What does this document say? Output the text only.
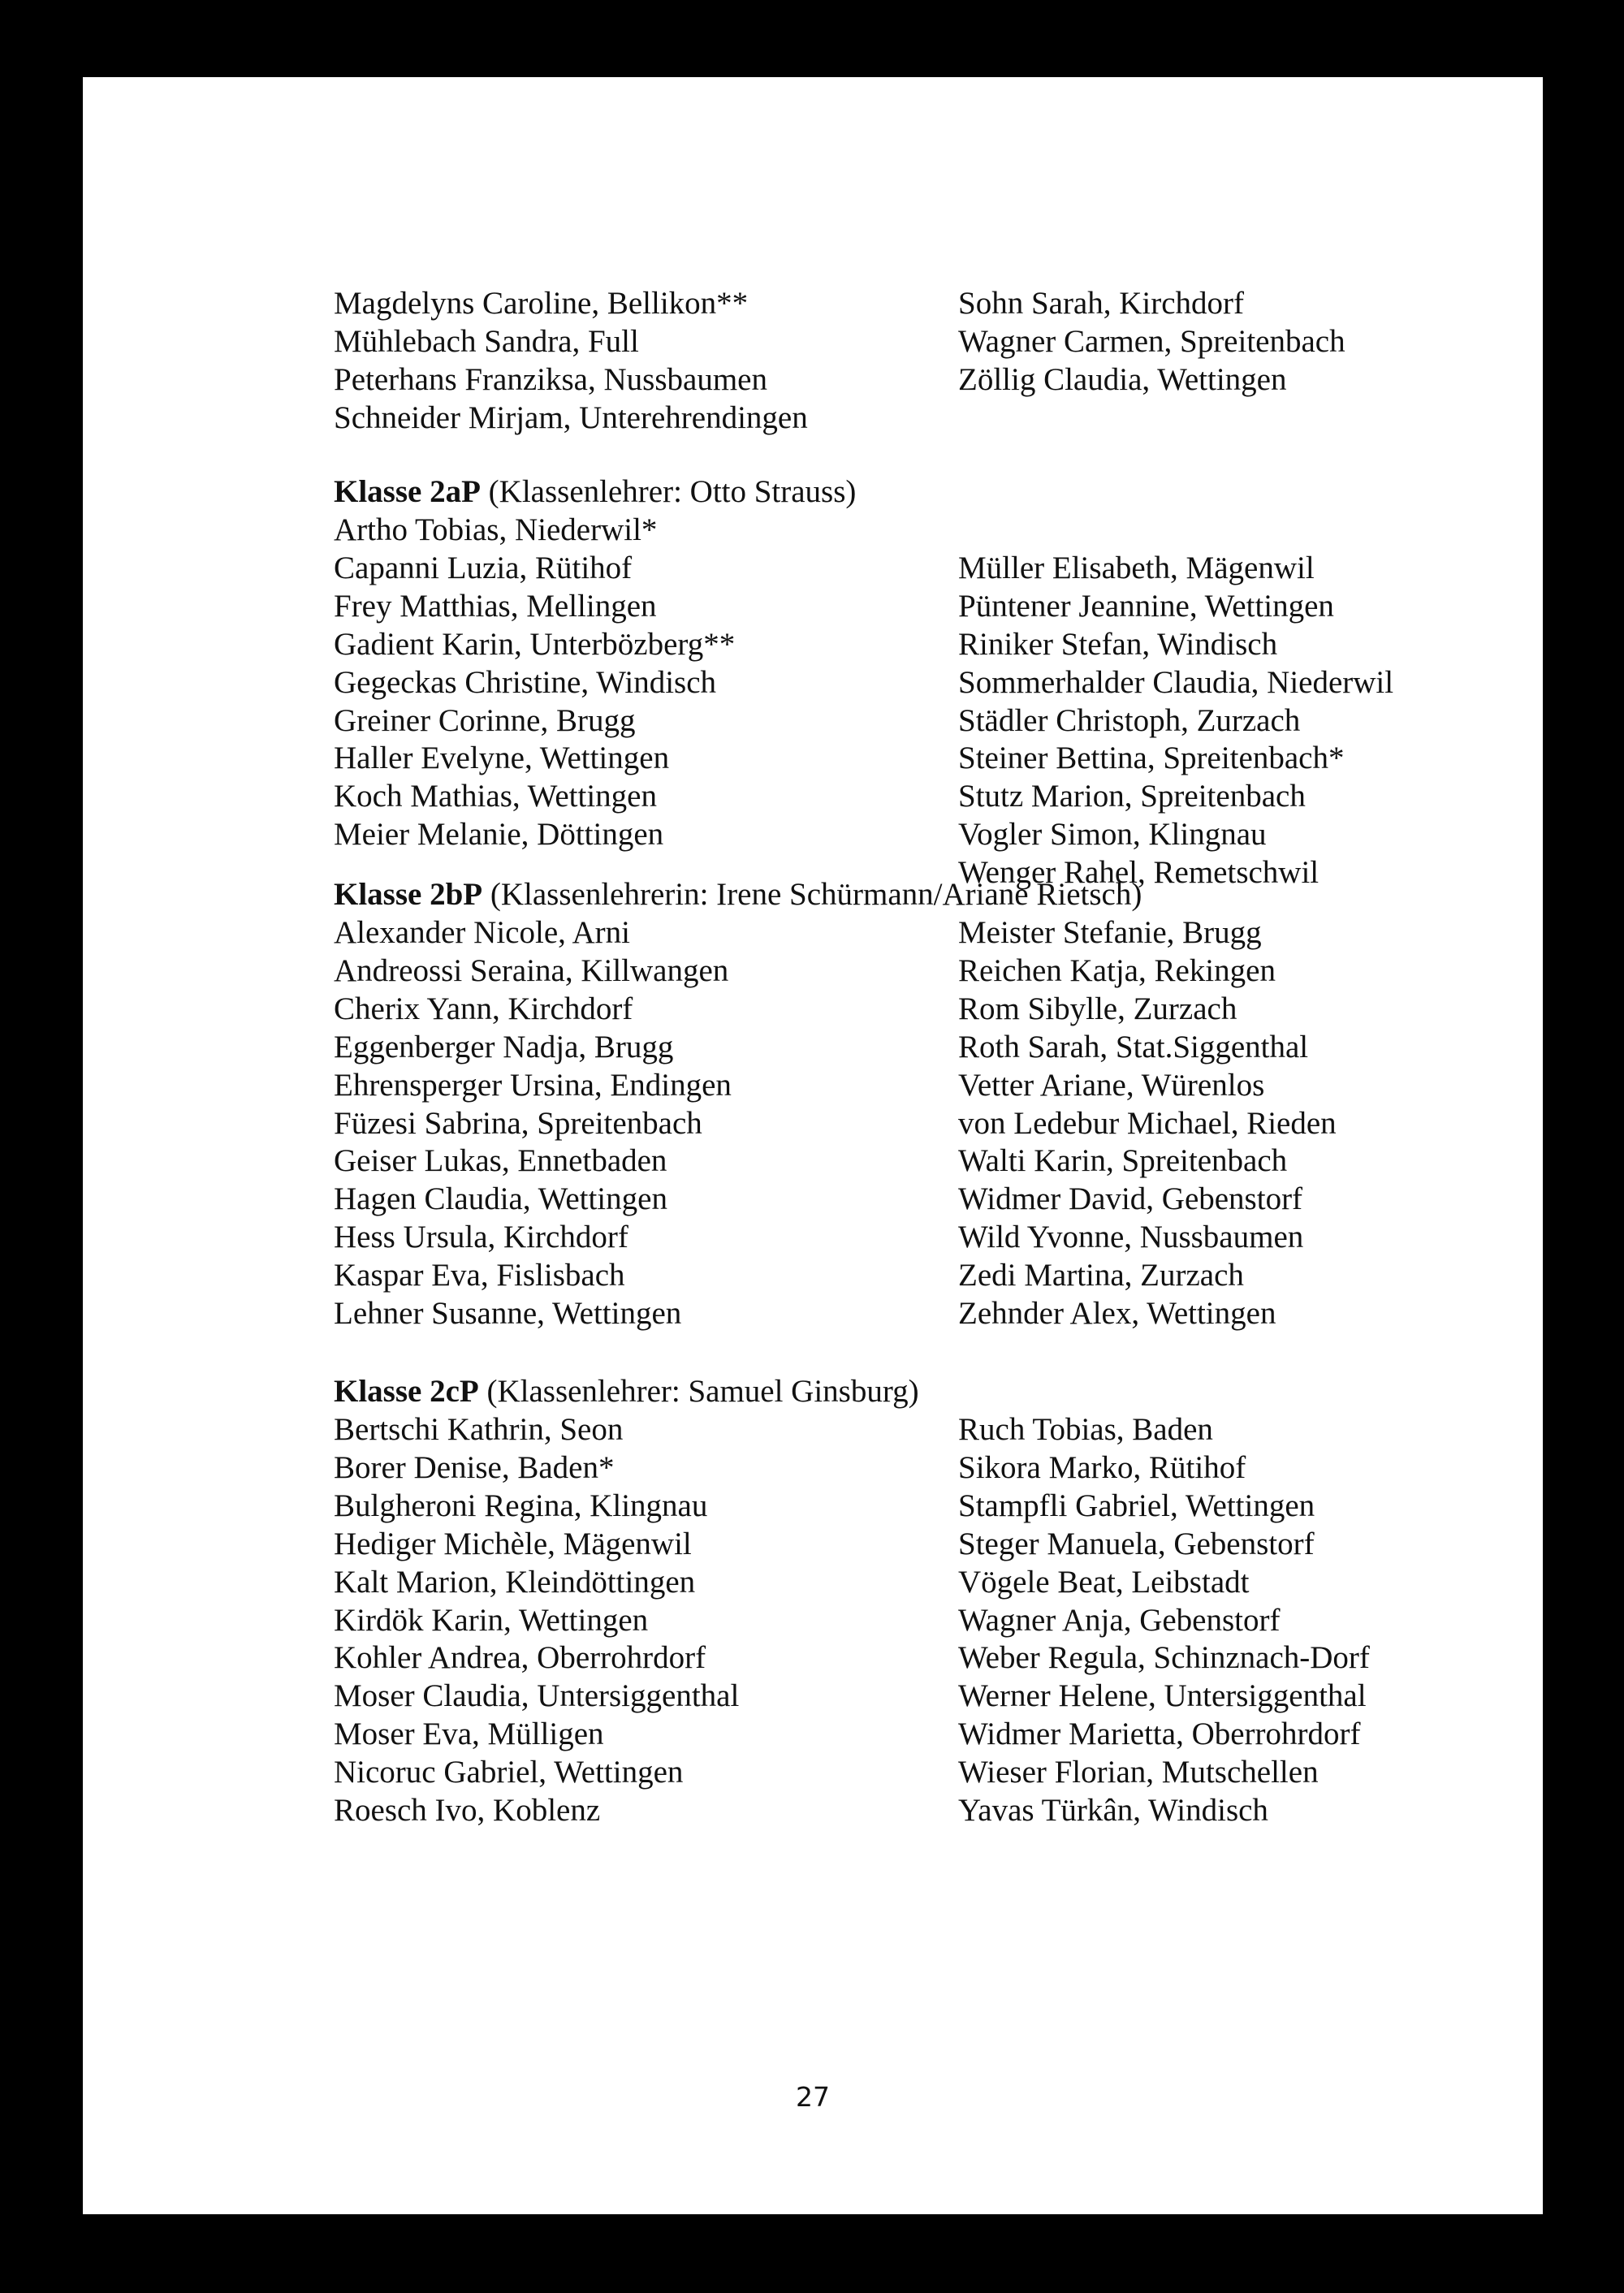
Magdelyns Caroline, Bellikon**
Mühlebach Sandra, Full
Peterhans Franziksa, Nussbaumen
Schneider Mirjam, Unterehrendingen
Sohn Sarah, Kirchdorf
Wagner Carmen, Spreitenbach
Zöllig Claudia, Wettingen
Klasse 2aP (Klassenlehrer: Otto Strauss)
Artho Tobias, Niederwil*
Capanni Luzia, Rütihof
Frey Matthias, Mellingen
Gadient Karin, Unterbözberg**
Gegeckas Christine, Windisch
Greiner Corinne, Brugg
Haller Evelyne, Wettingen
Koch Mathias, Wettingen
Meier Melanie, Döttingen
Müller Elisabeth, Mägenwil
Püntener Jeannine, Wettingen
Riniker Stefan, Windisch
Sommerhalder Claudia, Niederwil
Städler Christoph, Zurzach
Steiner Bettina, Spreitenbach*
Stutz Marion, Spreitenbach
Vogler Simon, Klingnau
Wenger Rahel, Remetschwil
Klasse 2bP (Klassenlehrerin: Irene Schürmann/Ariane Rietsch)
Alexander Nicole, Arni
Andreossi Seraina, Killwangen
Cherix Yann, Kirchdorf
Eggenberger Nadja, Brugg
Ehrensperger Ursina, Endingen
Füzesi Sabrina, Spreitenbach
Geiser Lukas, Ennetbaden
Hagen Claudia, Wettingen
Hess Ursula, Kirchdorf
Kaspar Eva, Fislisbach
Lehner Susanne, Wettingen
Meister Stefanie, Brugg
Reichen Katja, Rekingen
Rom Sibylle, Zurzach
Roth Sarah, Stat.Siggenthal
Vetter Ariane, Würenlos
von Ledebur Michael, Rieden
Walti Karin, Spreitenbach
Widmer David, Gebenstorf
Wild Yvonne, Nussbaumen
Zedi Martina, Zurzach
Zehnder Alex, Wettingen
Klasse 2cP (Klassenlehrer: Samuel Ginsburg)
Bertschi Kathrin, Seon
Borer Denise, Baden*
Bulgheroni Regina, Klingnau
Hediger Michèle, Mägenwil
Kalt Marion, Kleindöttingen
Kirdök Karin, Wettingen
Kohler Andrea, Oberrohrdorf
Moser Claudia, Untersiggenthal
Moser Eva, Mülligen
Nicoruc Gabriel, Wettingen
Roesch Ivo, Koblenz
Ruch Tobias, Baden
Sikora Marko, Rütihof
Stampfli Gabriel, Wettingen
Steger Manuela, Gebenstorf
Vögele Beat, Leibstadt
Wagner Anja, Gebenstorf
Weber Regula, Schinznach-Dorf
Werner Helene, Untersiggenthal
Widmer Marietta, Oberrohrdorf
Wieser Florian, Mutschellen
Yavas Türkân, Windisch
27
